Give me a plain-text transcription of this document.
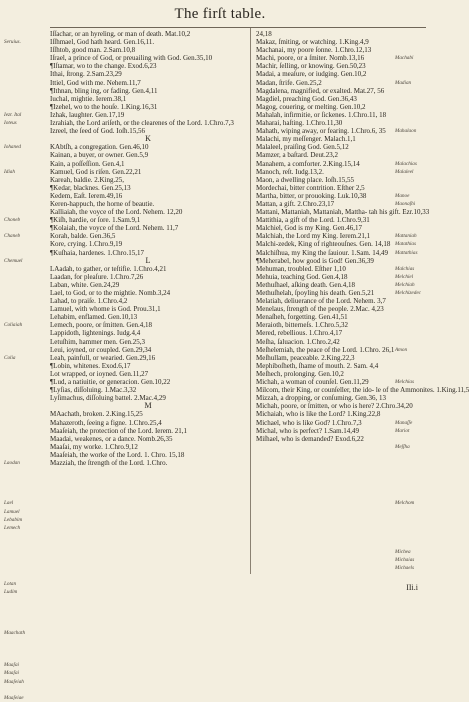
The firſt table.
Seruius.
Iezr. Ital
Ioteus
Iohaned
Idiah
Choneb
Chaneb
Chemuel
Coliaiah
Colia
Laodan
Lael
Lamuel
Lebabim
Lemech
Lotan
Ludim
Maachath
Maaſai
Maaſai
Maaſeiah
Maaſeiae
Iſſachar, or an hyreling, or man of death. Mat.10,2
Iſſhmael, God hath heard. Gen.16,11.
Iſſhtob, good man. 2.Sam.10,8
Iſrael, a prince of God, or preuailing with God. Gen.35,10
¶Iſtamar, wo to the change. Exod.6,23
Ithai, ſtrong. 2.Sam.23,29
Ittiel, God with me. Nehem.11,7
¶Ithnan, bling ing, or fading. Gen.4,11
Iuchal, mightie. Ierem.38,1
¶Izehel, wo to the houſe. 1.King.16,31
Izhak, laughter. Gen.17,19
Izrahiah, the Lord ariſeth, or the clearenes of the Lord. 1.Chro.7,3
Izreel, the ſeed of God. Ioſh.15,56
K
KAbtſh, a congregation. Gen.46,10
Kainan, a buyer, or owner. Gen.5,9
Kain, a poſſeſſion. Gen.4,1
Kamuel, God is riſen. Gen.22,21
Kareah, baldie. 2.King.25,
¶Kedar, blacknes. Gen.25,13
Kedem, Eaſt. Ierem.49,16
Keren-happuch, the horne of beautie.
Kalliaiah, the voyce of the Lord. Nehem. 12,20
¶Kiſh, hardie, or ſore. 1.Sam.9,1
¶Kolaiah, the voyce of the Lord. Nehem. 11,7
Korah, balde. Gen.36,5
Kore, crying. 1.Chro.9,19
¶Kuſhaia, hardenes. 1.Chro.15,17
L
LAadah, to gather, or teſtifie. 1.Chro.4,21
Laadan, for pleaſure. 1.Chro.7,26
Laban, white. Gen.24,29
Lael, to God, or to the mightie. Nomb.3,24
Lahad, to praiſe. 1.Chro.4,2
Lamuel, with whome is God. Prou.31,1
Lehabim, enflamed. Gen.10,13
Lemech, poore, or ſmitten. Gen.4,18
Lappidoth, lightenings. Iudg.4,4
Letuſhim, hammer men. Gen.25,3
Leui, ioyned, or coupled. Gen.29,34
Leah, painfull, or wearied. Gen.29,16
¶Lobin, whitenes. Exod.6,17
Lot wrapped, or ioyned. Gen.11,27
¶Lud, a natiuitie, or generacion. Gen.10,22
¶Lyſias, diſſoluing. 1.Mac.3,32
Lyſimachus, diſſoluing battel. 2.Mac.4,29
M
MAachath, broken. 2.King.15,25
Mahazeroth, ſeeing a figne. 1.Chro.25,4
Maaſeiah, the protection of the Lord. Ierem. 21,1
Maadai, weakenes, or a dance. Nomb.26,35
Maaſai, my worke. 1.Chro.9,12
Maaſeiah, the worke of the Lord. 1. Chro. 15,18
Mazziah, the ſtrength of the Lord. 1.Chro.
24,18
Makaz, ſmiting, or watching. 1.King.4,9
Machanai, my poore ſonne. 1.Chro.12,13
Machi, poore, or a ſmiter. Nomb.13,16
Machir, ſelling, or knowing. Gen.50,23
Madai, a meaſure, or iudging. Gen.10,2
Madan, ſtrife. Gen.25,2
Magdalena, magnified, or exalted. Mat.27, 56
Magdiel, preaching God. Gen.36,43
Magog, couering, or melting. Gen.10,2
Mahalah, infirmitie, or ſickenes. 1.Chro.11, 18
Maharai, haſting. 1.Chro.11,30
Mahath, wiping away, or fearing. 1.Chro.6, 35
Malachi, my meſſenger. Malach.1,1
Malaleel, praiſing God. Gen.5,12
Mamzer, a baſtard. Deut.23,2
Manahem, a comforter. 2.King.15,14
Manoch, reſt. Iudg.13,2.
Maon, a dwelling place. Ioſh.15,55
Mordechai, bitter contrition. Eſther 2,5
Martha, bitter, or prouoking. Luk.10,38
Mattan, a gift. 2.Chro.23,17
Mattani, Mattaniah, Mattaniah, Mattha- tah his gift. Ezr.10,33
Mattithia, a gift of the Lord. 1.Chro.9,31
Malchiel, God is my King. Gen.46,17
Malchiah, the Lord my King. Ierem.21,1
Malchi-zedek, King of righteouſnes. Gen. 14,18
Malchiſhua, my King the ſauiour. 1.Sam. 14,49
¶Meherabel, how good is God! Gen.36,39
Mehuman, troubled. Eſther 1,10
Mehuia, teaching God. Gen.4,18
Methuſhael, aſking death. Gen.4,18
Methuſhelah, ſpoyling his death. Gen.5,21
Melatiah, deliuerance of the Lord. Nehem. 3,7
Menelaus, ſtrength of the people. 2.Mac. 4,23
Menaſheh, forgetting. Gen.41,51
Meraioth, bitterneſs. 1.Chro.5,32
Mered, rebellious. 1.Chro.4,17
Meſha, ſaluacion. 1.Chro.2,42
Meſhelemiah, the peace of the Lord. 1.Chro. 26,1
Meſhullam, peaceable. 2.King.22,3
Mephiboſheth, ſhame of mouth. 2. Sam. 4,4
Meſhech, prolonging. Gen.10,2
Michah, a woman of counſel. Gen.11,29
Milcom, their King, or counſeller, the ido- le of the Ammonites. 1.King.11,5
Mizzah, a dropping, or conſuming. Gen.36, 13
Michah, poore, or ſmitten, or who is here? 2.Chro.34,20
Michaiah, who is like the Lord? 1.King.22,8
Michael, who is like God? 1.Chro.7,3
Michal, who is perfect? 1.Sam.14,49
Miſhael, who is demanded? Exod.6,22
Machabi
Madian
Mahalaon
Malachias
Malaleel
Manoe
Maonaſhi
Mattaniah
Matathias
Mattathias
Malchias
Melchiel
Melchiah
Melchizedec
Amon
Melchias
Manaſſe
Mariot
Meſſha
Melchom
Michea
Michaias
Michaels
IIi.i
